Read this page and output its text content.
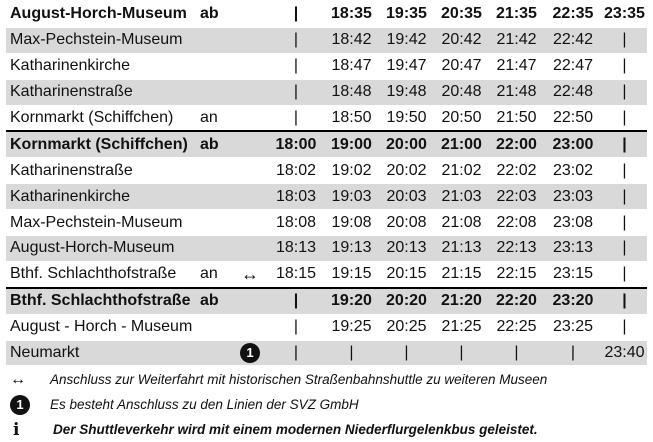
August-Horch-Museum	ab		|	18:35	19:35	20:35	21:35	22:35	23:35
Max-Pechstein-Museum			|	18:42	19:42	20:42	21:42	22:42	|
Katharinenkirche			|	18:47	19:47	20:47	21:47	22:47	|
Katharinenstraße			|	18:48	19:48	20:48	21:48	22:48	|
Kornmarkt (Schiffchen)	an		|	18:50	19:50	20:50	21:50	22:50	|
Kornmarkt (Schiffchen)	ab		18:00	19:00	20:00	21:00	22:00	23:00	|
Katharinenstraße			18:02	19:02	20:02	21:02	22:02	23:02	|
Katharinenkirche			18:03	19:03	20:03	21:03	22:03	23:03	|
Max-Pechstein-Museum			18:08	19:08	20:08	21:08	22:08	23:08	|
August-Horch-Museum			18:13	19:13	20:13	21:13	22:13	23:13	|
Bthf. Schlachthofstraße	an	↔	18:15	19:15	20:15	21:15	22:15	23:15	|
Bthf. Schlachthofstraße	ab		|	19:20	20:20	21:20	22:20	23:20	|
August - Horch - Museum			|	19:25	20:25	21:25	22:25	23:25	|
Neumarkt		1	|	|	|	|	|	|	23:40
↔	Anschluss zur Weiterfahrt mit historischen Straßenbahnshuttle zu weiteren Museen
1	Es besteht Anschluss zu den Linien der SVZ GmbH
i	Der Shuttleverkehr wird mit einem modernen Niederflurgelenkbus geleistet.
